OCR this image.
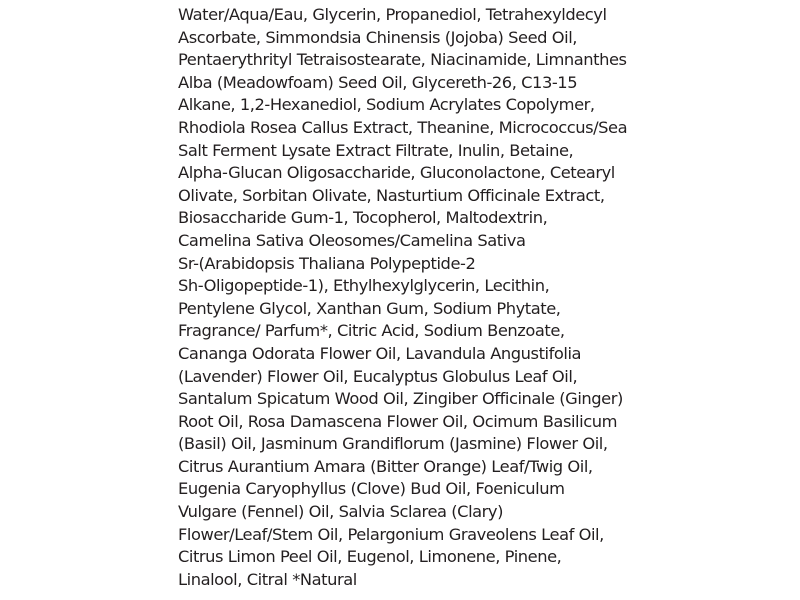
Water/Aqua/Eau, Glycerin, Propanediol, Tetrahexyldecyl
Ascorbate, Simmondsia Chinensis (Jojoba) Seed Oil,
Pentaerythrityl Tetraisostearate, Niacinamide, Limnanthes
Alba (Meadowfoam) Seed Oil, Glycereth-26, C13-15
Alkane, 1,2-Hexanediol, Sodium Acrylates Copolymer,
Rhodiola Rosea Callus Extract, Theanine, Micrococcus/Sea
Salt Ferment Lysate Extract Filtrate, Inulin, Betaine,
Alpha-Glucan Oligosaccharide, Gluconolactone, Cetearyl
Olivate, Sorbitan Olivate, Nasturtium Officinale Extract,
Biosaccharide Gum-1, Tocopherol, Maltodextrin,
Camelina Sativa Oleosomes/Camelina Sativa
Sr-(Arabidopsis Thaliana Polypeptide-2
Sh-Oligopeptide-1), Ethylhexylglycerin, Lecithin,
Pentylene Glycol, Xanthan Gum, Sodium Phytate,
Fragrance/ Parfum*, Citric Acid, Sodium Benzoate,
Cananga Odorata Flower Oil, Lavandula Angustifolia
(Lavender) Flower Oil, Eucalyptus Globulus Leaf Oil,
Santalum Spicatum Wood Oil, Zingiber Officinale (Ginger)
Root Oil, Rosa Damascena Flower Oil, Ocimum Basilicum
(Basil) Oil, Jasminum Grandiflorum (Jasmine) Flower Oil,
Citrus Aurantium Amara (Bitter Orange) Leaf/Twig Oil,
Eugenia Caryophyllus (Clove) Bud Oil, Foeniculum
Vulgare (Fennel) Oil, Salvia Sclarea (Clary)
Flower/Leaf/Stem Oil, Pelargonium Graveolens Leaf Oil,
Citrus Limon Peel Oil, Eugenol, Limonene, Pinene,
Linalool, Citral *Natural
